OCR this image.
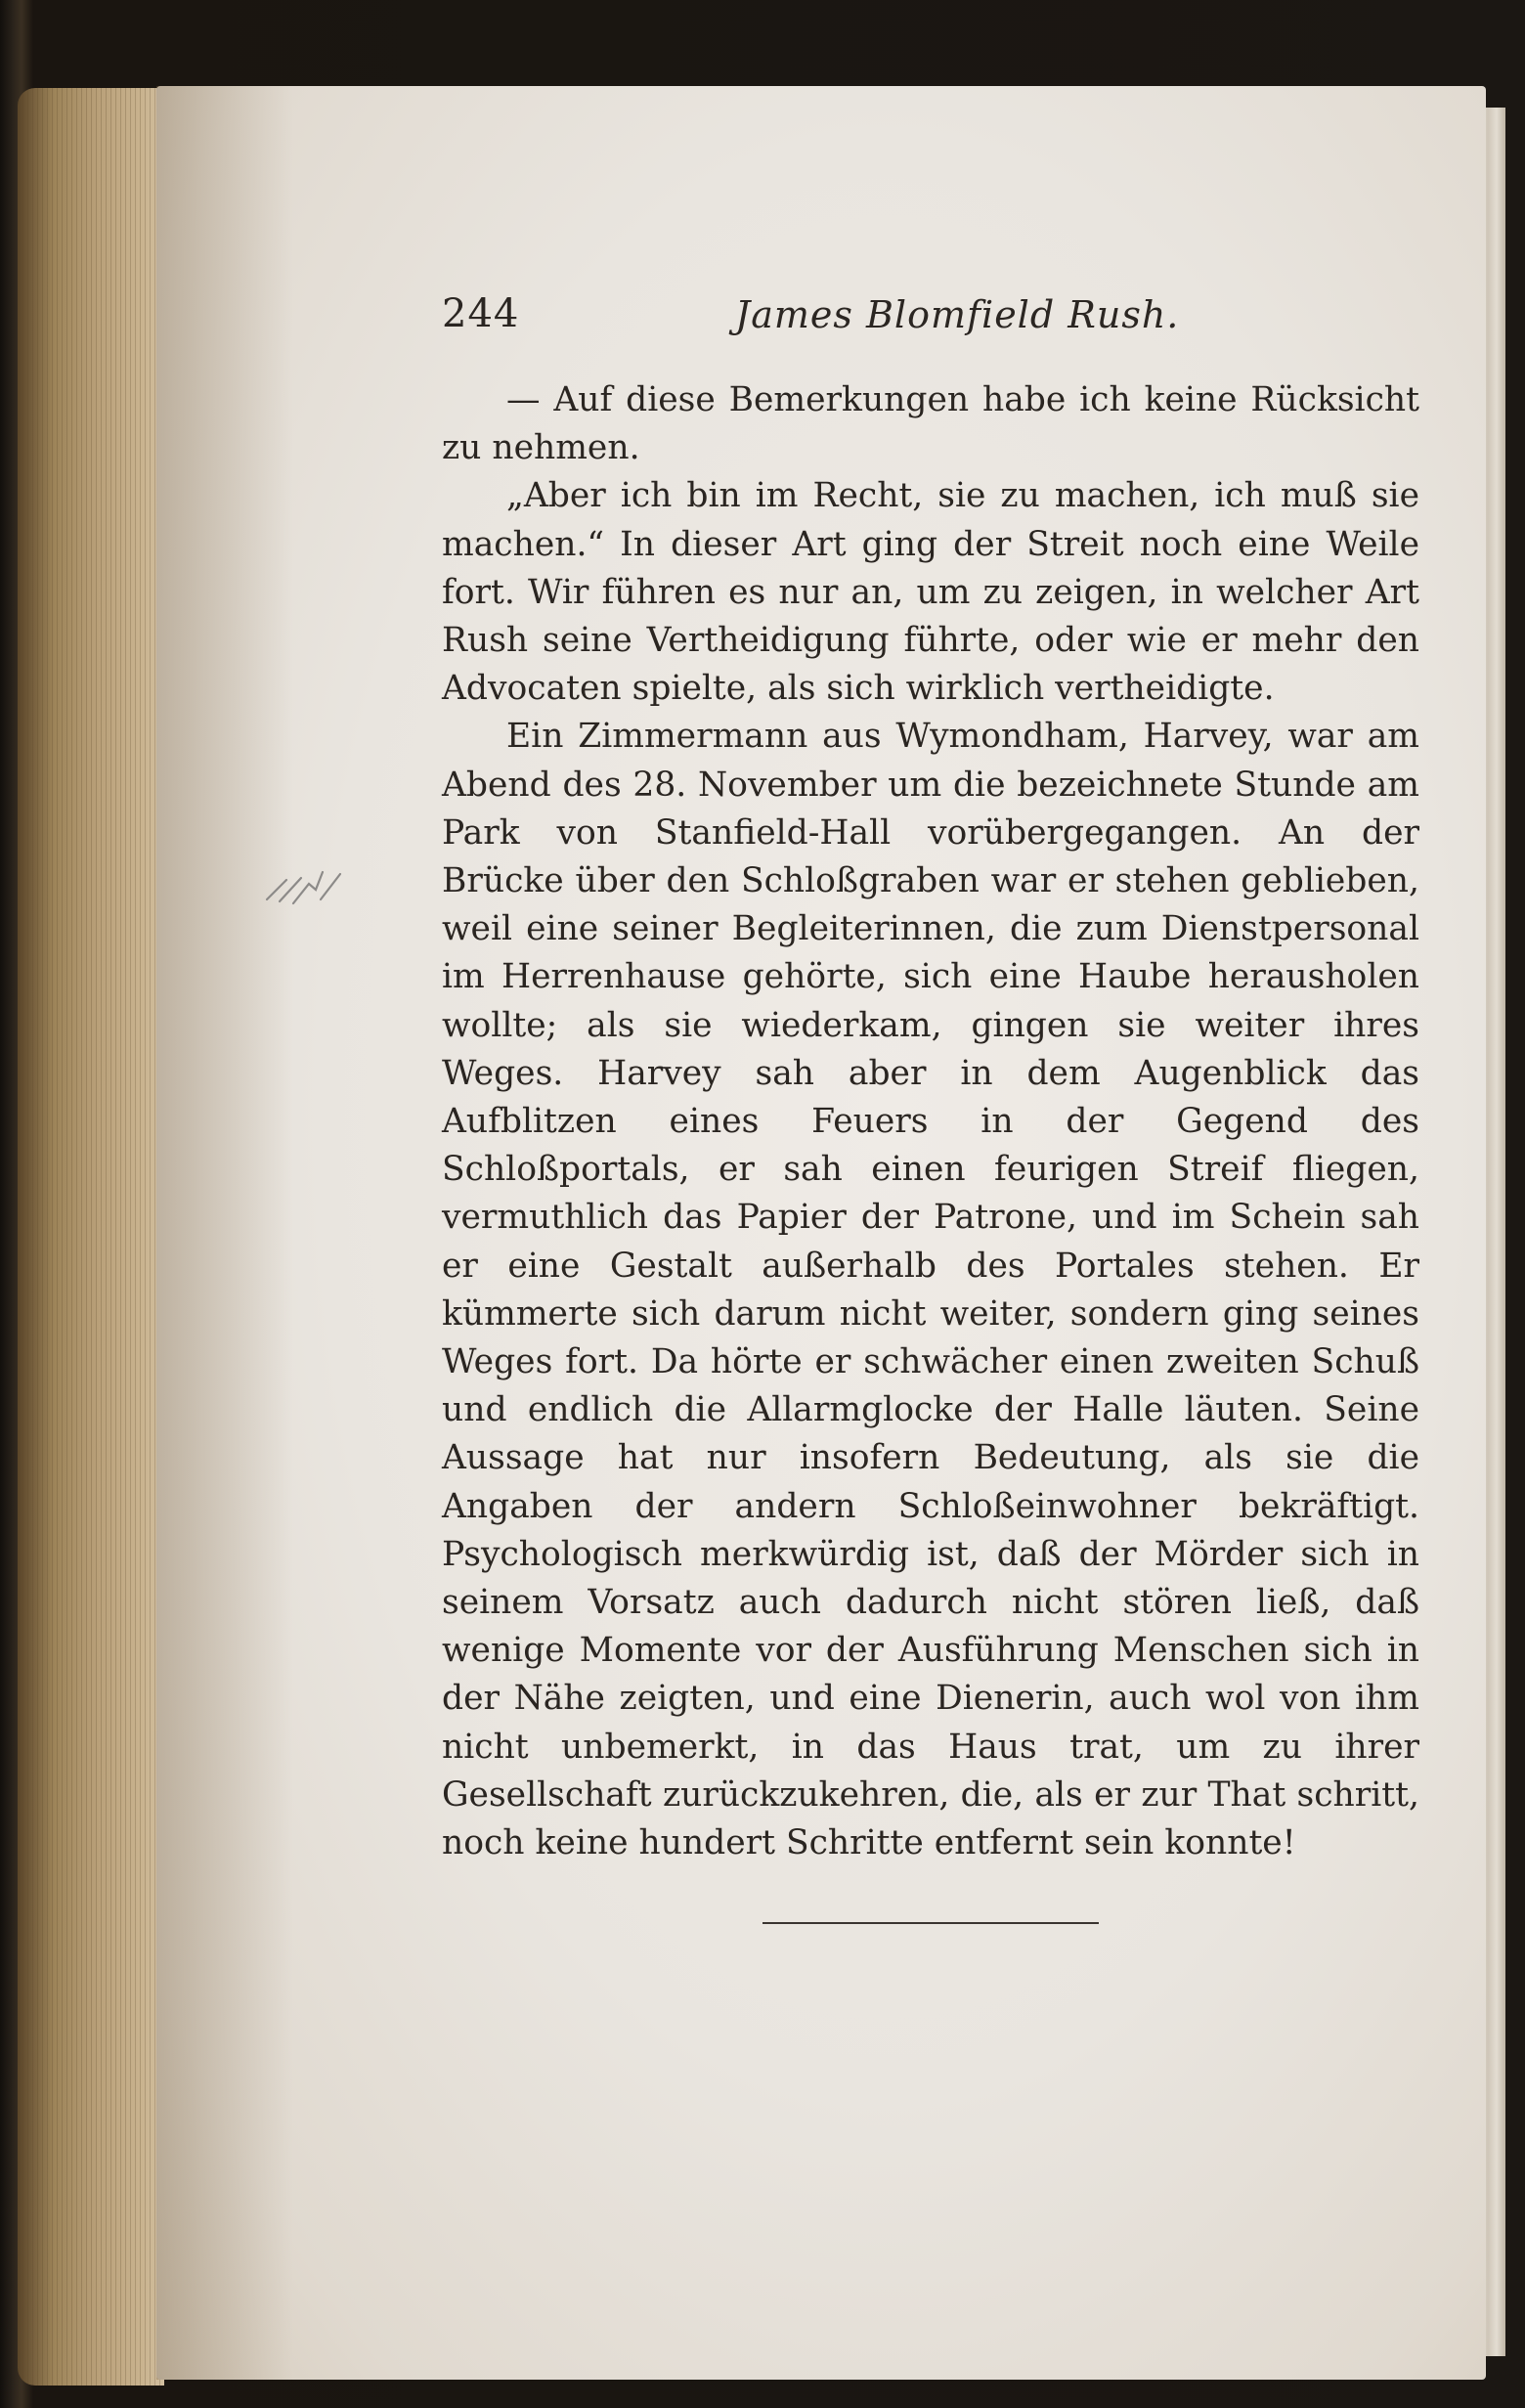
244	James Blomfield Rush.

— Auf diese Bemerkungen habe ich keine Rücksicht zu nehmen.

„Aber ich bin im Recht, sie zu machen, ich muß sie machen.“ In dieser Art ging der Streit noch eine Weile fort. Wir führen es nur an, um zu zeigen, in welcher Art Rush seine Vertheidigung führte, oder wie er mehr den Advocaten spielte, als sich wirklich vertheidigte.

Ein Zimmermann aus Wymondham, Harvey, war am Abend des 28. November um die bezeichnete Stunde am Park von Stanfield-Hall vorübergegangen. An der Brücke über den Schloßgraben war er stehen geblieben, weil eine seiner Begleiterinnen, die zum Dienstpersonal im Herrenhause gehörte, sich eine Haube herausholen wollte; als sie wiederkam, gingen sie weiter ihres Weges. Harvey sah aber in dem Augenblick das Aufblitzen eines Feuers in der Gegend des Schloßportals, er sah einen feurigen Streif fliegen, vermuthlich das Papier der Patrone, und im Schein sah er eine Gestalt außerhalb des Portales stehen. Er kümmerte sich darum nicht weiter, sondern ging seines Weges fort. Da hörte er schwächer einen zweiten Schuß und endlich die Allarmglocke der Halle läuten. Seine Aussage hat nur insofern Bedeutung, als sie die Angaben der andern Schloßeinwohner bekräftigt. Psychologisch merkwürdig ist, daß der Mörder sich in seinem Vorsatz auch dadurch nicht stören ließ, daß wenige Momente vor der Ausführung Menschen sich in der Nähe zeigten, und eine Dienerin, auch wol von ihm nicht unbemerkt, in das Haus trat, um zu ihrer Gesellschaft zurückzukehren, die, als er zur That schritt, noch keine hundert Schritte entfernt sein konnte!
